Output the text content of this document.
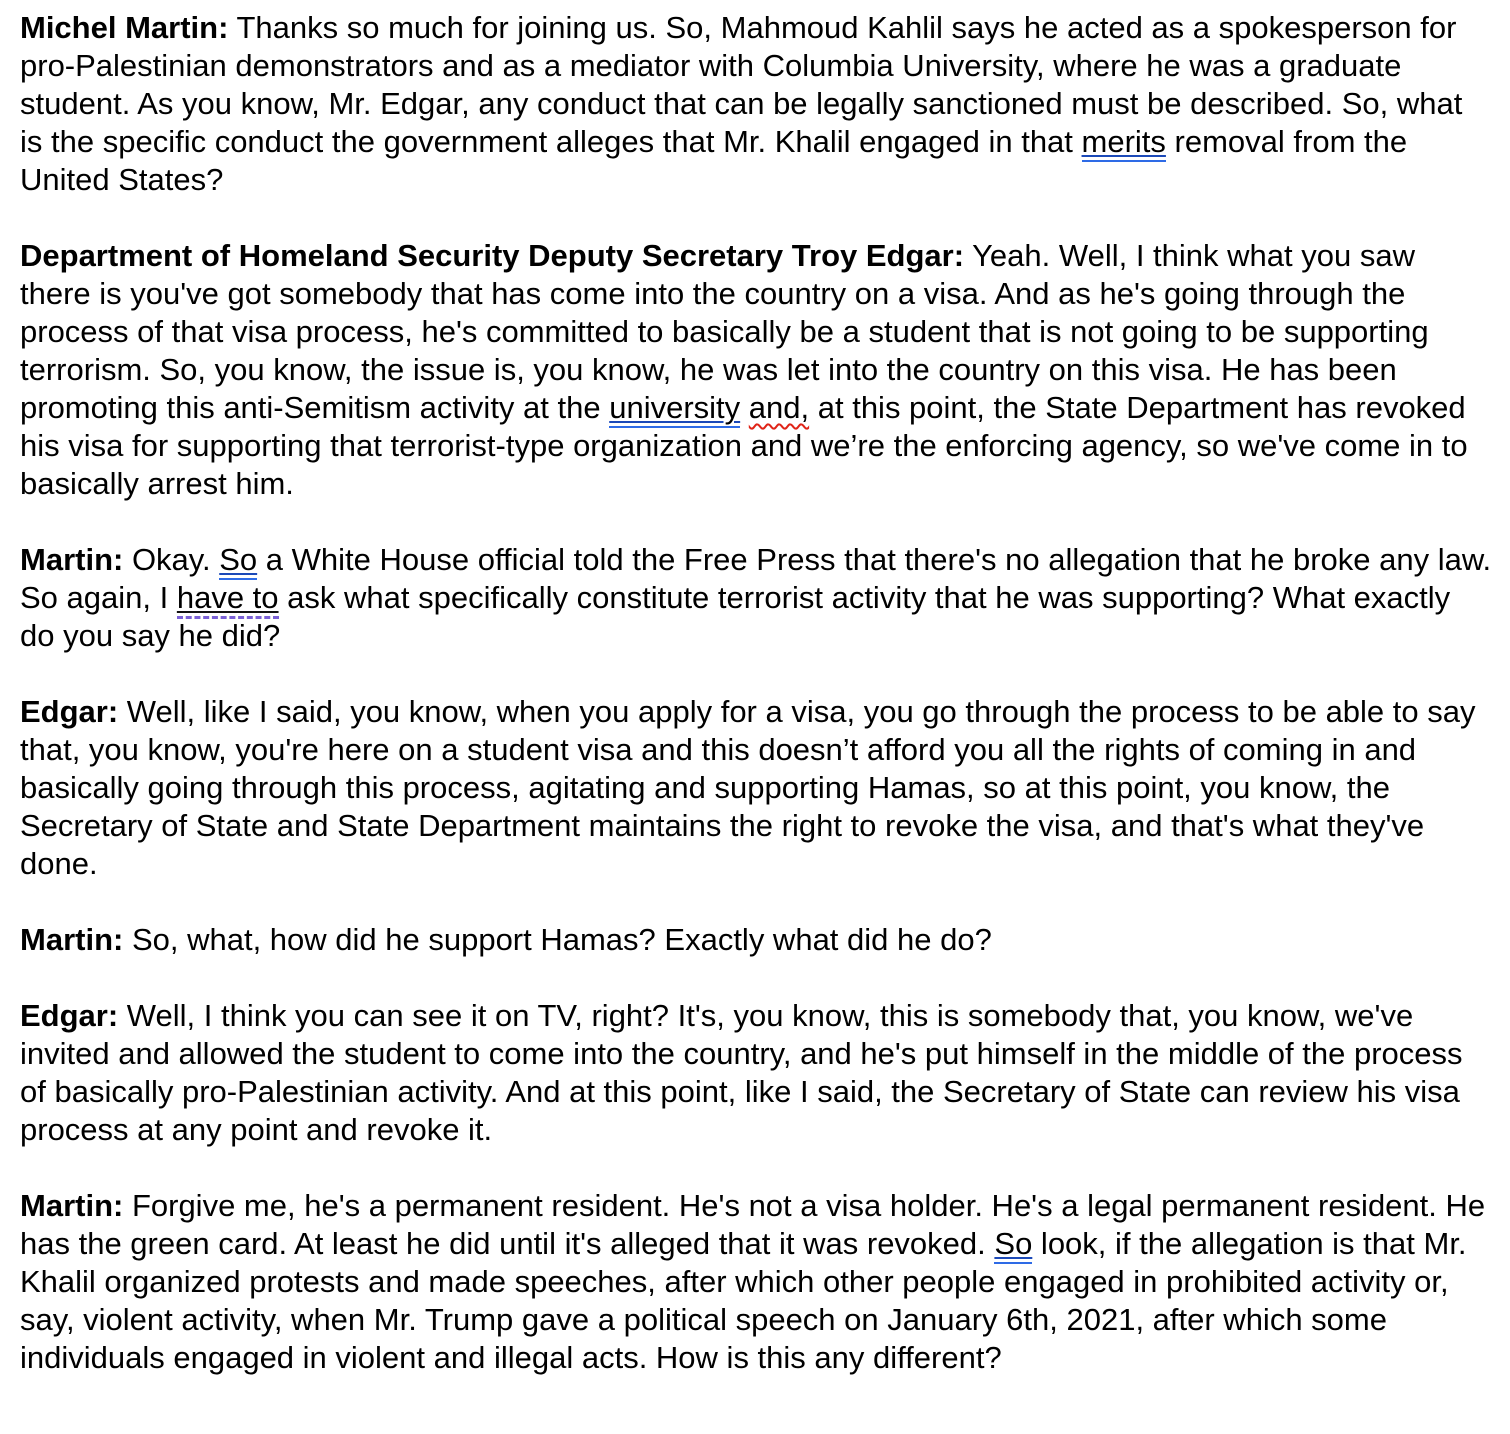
Michel Martin: Thanks so much for joining us. So, Mahmoud Kahlil says he acted as a spokesperson for pro-Palestinian demonstrators and as a mediator with Columbia University, where he was a graduate student. As you know, Mr. Edgar, any conduct that can be legally sanctioned must be described. So, what is the specific conduct the government alleges that Mr. Khalil engaged in that merits removal from the United States?

Department of Homeland Security Deputy Secretary Troy Edgar: Yeah. Well, I think what you saw there is you've got somebody that has come into the country on a visa. And as he's going through the process of that visa process, he's committed to basically be a student that is not going to be supporting terrorism. So, you know, the issue is, you know, he was let into the country on this visa. He has been promoting this anti-Semitism activity at the university and, at this point, the State Department has revoked his visa for supporting that terrorist-type organization and we’re the enforcing agency, so we've come in to basically arrest him.

Martin: Okay. So a White House official told the Free Press that there's no allegation that he broke any law. So again, I have to ask what specifically constitute terrorist activity that he was supporting? What exactly do you say he did?

Edgar: Well, like I said, you know, when you apply for a visa, you go through the process to be able to say that, you know, you're here on a student visa and this doesn’t afford you all the rights of coming in and basically going through this process, agitating and supporting Hamas, so at this point, you know, the Secretary of State and State Department maintains the right to revoke the visa, and that's what they've done.

Martin: So, what, how did he support Hamas? Exactly what did he do?

Edgar: Well, I think you can see it on TV, right? It's, you know, this is somebody that, you know, we've invited and allowed the student to come into the country, and he's put himself in the middle of the process of basically pro-Palestinian activity. And at this point, like I said, the Secretary of State can review his visa process at any point and revoke it.

Martin: Forgive me, he's a permanent resident. He's not a visa holder. He's a legal permanent resident. He has the green card. At least he did until it's alleged that it was revoked. So look, if the allegation is that Mr. Khalil organized protests and made speeches, after which other people engaged in prohibited activity or, say, violent activity, when Mr. Trump gave a political speech on January 6th, 2021, after which some individuals engaged in violent and illegal acts. How is this any different?
